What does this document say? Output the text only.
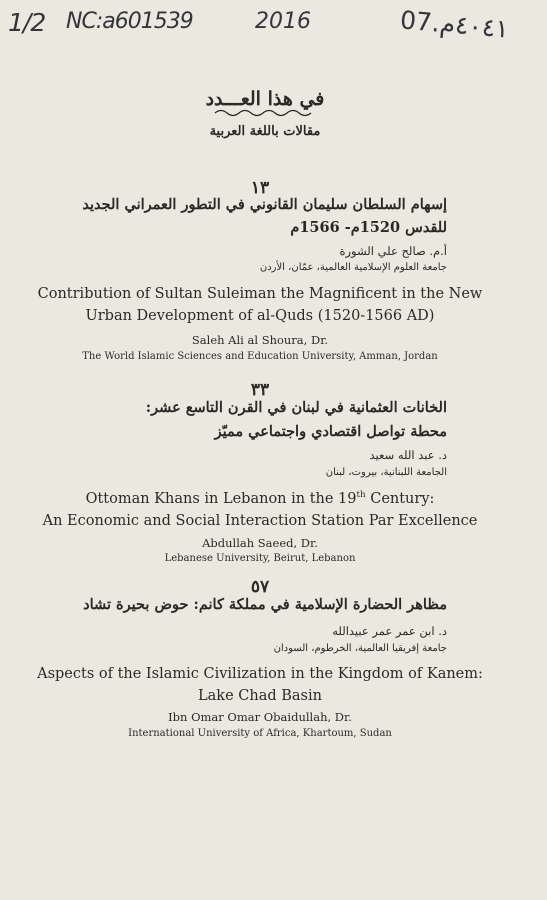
1/2 NC:a601539	2016	07.٤٠٤١م
في هذا العـــدد
مقالات باللغة العربية
١٣
إسهام السلطان سليمان القانوني في التطور العمراني الجديد
للقدس 1520م- 1566م
أ.م. صالح علي الشورة
جامعة العلوم الإسلامية العالمية، عمّان، الأردن
Contribution of Sultan Suleiman the Magnificent in the New
Urban Development of al-Quds (1520-1566 AD)
Saleh Ali al Shoura, Dr.
The World Islamic Sciences and Education University, Amman, Jordan
٣٣
الخانات العثمانية في لبنان في القرن التاسع عشر:
محطة تواصل اقتصادي واجتماعي مميّز
د. عبد الله سعيد
الجامعة اللبنانية، بيروت، لبنان
Ottoman Khans in Lebanon in the 19th Century:
An Economic and Social Interaction Station Par Excellence
Abdullah Saeed, Dr.
Lebanese University, Beirut, Lebanon
٥٧
مظاهر الحضارة الإسلامية في مملكة كانم: حوض بحيرة تشاد
د. ابن عمر عمر عبيدالله
جامعة إفريقيا العالمية، الخرطوم، السودان
Aspects of the Islamic Civilization in the Kingdom of Kanem:
Lake Chad Basin
Ibn Omar Omar Obaidullah, Dr.
International University of Africa, Khartoum, Sudan
